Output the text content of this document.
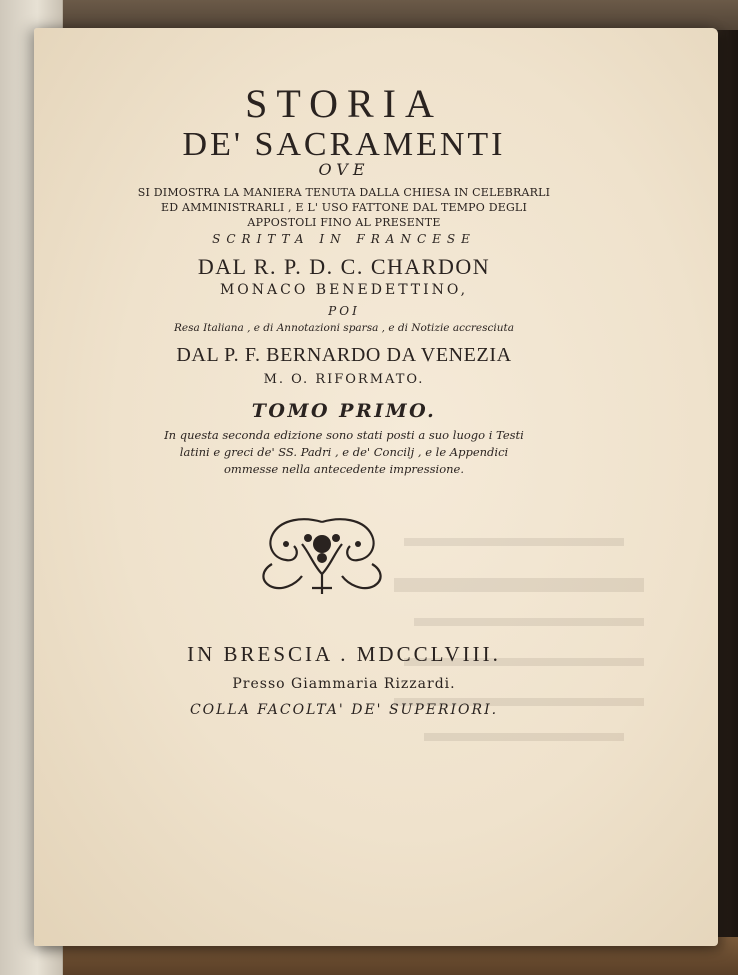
STORIA

DE' SACRAMENTI

OVE

SI DIMOSTRA LA MANIERA TENUTA DALLA CHIESA IN CELEBRARLI

ED AMMINISTRARLI , E L' USO FATTONE DAL TEMPO DEGLI

APPOSTOLI FINO AL PRESENTE

SCRITTA IN FRANCESE

DAL R. P. D. C. CHARDON

MONACO BENEDETTINO,

POI

Resa Italiana , e di Annotazioni sparsa , e di Notizie accresciuta

DAL P. F. BERNARDO DA VENEZIA

M. O. RIFORMATO.

TOMO PRIMO.

In questa seconda edizione sono stati posti a suo luogo i Testi

latini e greci de' SS. Padri , e de' Concilj , e le Appendici

ommesse nella antecedente impressione.

IN BRESCIA . MDCCLVIII.

Presso Giammaria Rizzardi.

COLLA FACOLTA' DE' SUPERIORI.
